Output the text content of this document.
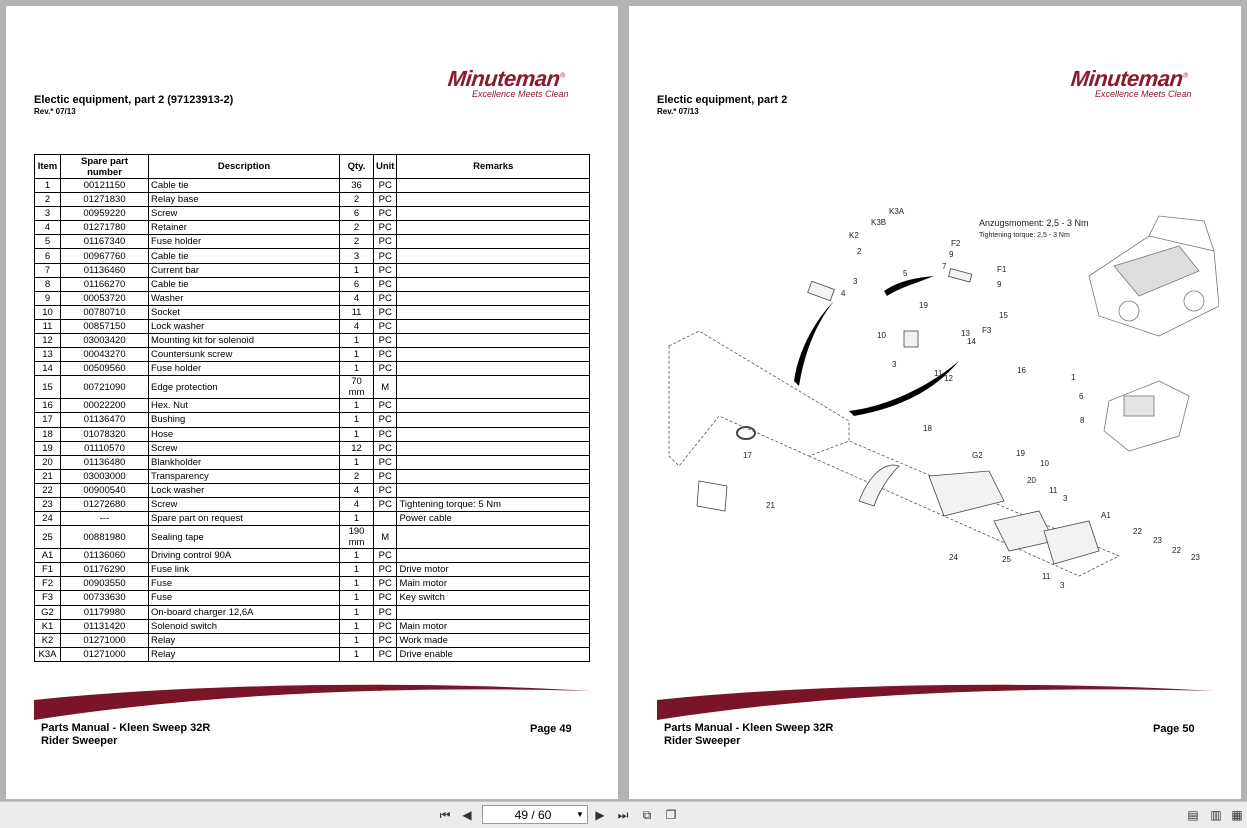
Minuteman®
Excellence Meets Clean
Electic equipment, part 2 (97123913-2)
Rev.* 07/13
Item	Spare part number	Description	Qty.	Unit	Remarks
1	00121150	Cable tie	36	PC	
2	01271830	Relay base	2	PC	
3	00959220	Screw	6	PC	
4	01271780	Retainer	2	PC	
5	01167340	Fuse holder	2	PC	
6	00967760	Cable tie	3	PC	
7	01136460	Current bar	1	PC	
8	01166270	Cable tie	6	PC	
9	00053720	Washer	4	PC	
10	00780710	Socket	11	PC	
11	00857150	Lock washer	4	PC	
12	03003420	Mounting kit for solenoid	1	PC	
13	00043270	Countersunk screw	1	PC	
14	00509560	Fuse holder	1	PC	
15	00721090	Edge protection	70 mm	M	
16	00022200	Hex. Nut	1	PC	
17	01136470	Bushing	1	PC	
18	01078320	Hose	1	PC	
19	01110570	Screw	12	PC	
20	01136480	Blankholder	1	PC	
21	03003000	Transparency	2	PC	
22	00900540	Lock washer	4	PC	
23	01272680	Screw	4	PC	Tightening torque: 5 Nm
24	---	Spare part on request	1		Power cable
25	00881980	Sealing tape	190 mm	M	
A1	01136060	Driving control 90A	1	PC	
F1	01176290	Fuse link	1	PC	Drive motor
F2	00903550	Fuse	1	PC	Main motor
F3	00733630	Fuse	1	PC	Key switch
G2	01179980	On-board charger 12,6A	1	PC	
K1	01131420	Solenoid switch	1	PC	Main motor
K2	01271000	Relay	1	PC	Work made
K3A	01271000	Relay	1	PC	Drive enable
Parts Manual - Kleen Sweep 32R
Rider Sweeper
Page 49
Minuteman®
Excellence Meets Clean
Electic equipment, part 2
Rev.* 07/13
K3A
K3B
K2
2
3
4
5
19
F2
9
7	F1
9
15
F3
10	13
14
3
11
12
16
1
6
8
18
17	G2	19
10
20
11
3
21
A1
22
23
22
23
24	25
11
3
Anzugsmoment: 2,5 - 3 Nm
Tightening torque: 2,5 - 3 Nm
Parts Manual - Kleen Sweep 32R
Rider Sweeper
Page 50
⏮ ◀	49 / 60	▼ ▶	⏭	⧉	❐	▤ ▥ ▦
